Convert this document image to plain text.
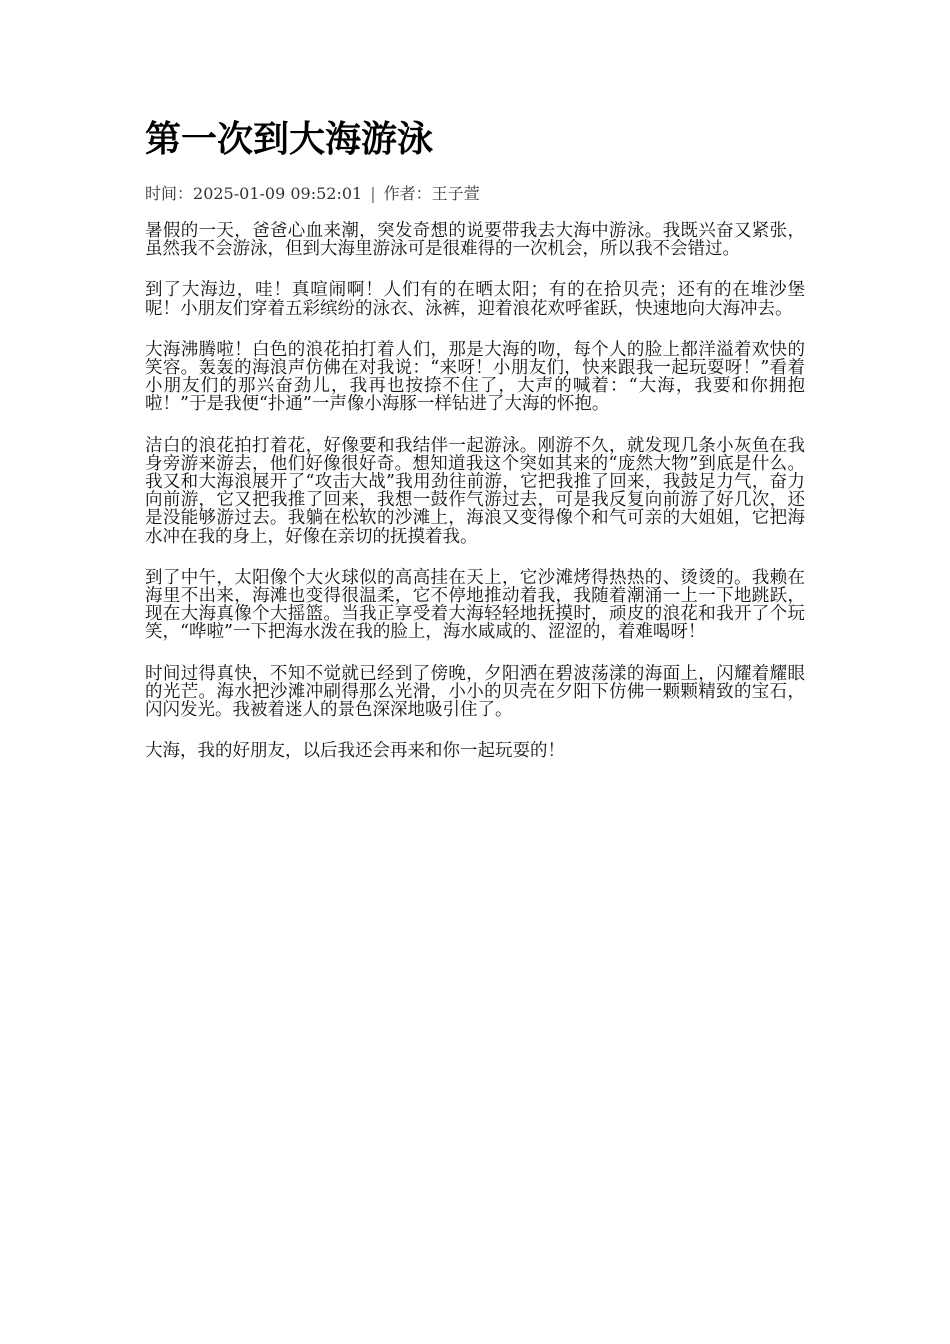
第一次到大海游泳
时间：2025-01-09 09:52:01 | 作者：王子萱

暑假的一天，爸爸心血来潮，突发奇想的说要带我去大海中游泳。我既兴奋又紧张，虽然我不会游泳，但到大海里游泳可是很难得的一次机会，所以我不会错过。

到了大海边，哇！真喧闹啊！人们有的在晒太阳；有的在拾贝壳；还有的在堆沙堡呢！小朋友们穿着五彩缤纷的泳衣、泳裤，迎着浪花欢呼雀跃，快速地向大海冲去。

大海沸腾啦！白色的浪花拍打着人们，那是大海的吻，每个人的脸上都洋溢着欢快的笑容。轰轰的海浪声仿佛在对我说：“来呀！小朋友们，快来跟我一起玩耍呀！”看着小朋友们的那兴奋劲儿，我再也按捺不住了，大声的喊着：“大海，我要和你拥抱啦！”于是我便“扑通”一声像小海豚一样钻进了大海的怀抱。

洁白的浪花拍打着花，好像要和我结伴一起游泳。刚游不久，就发现几条小灰鱼在我身旁游来游去，他们好像很好奇。想知道我这个突如其来的“庞然大物”到底是什么。我又和大海浪展开了“攻击大战”我用劲往前游，它把我推了回来，我鼓足力气，奋力向前游，它又把我推了回来，我想一鼓作气游过去，可是我反复向前游了好几次，还是没能够游过去。我躺在松软的沙滩上，海浪又变得像个和气可亲的大姐姐，它把海水冲在我的身上，好像在亲切的抚摸着我。

到了中午，太阳像个大火球似的高高挂在天上，它沙滩烤得热热的、烫烫的。我赖在海里不出来，海滩也变得很温柔，它不停地推动着我，我随着潮涌一上一下地跳跃，现在大海真像个大摇篮。当我正享受着大海轻轻地抚摸时，顽皮的浪花和我开了个玩笑，“哗啦”一下把海水泼在我的脸上，海水咸咸的、涩涩的，着难喝呀！

时间过得真快，不知不觉就已经到了傍晚，夕阳洒在碧波荡漾的海面上，闪耀着耀眼的光芒。海水把沙滩冲刷得那么光滑，小小的贝壳在夕阳下仿佛一颗颗精致的宝石，闪闪发光。我被着迷人的景色深深地吸引住了。

大海，我的好朋友，以后我还会再来和你一起玩耍的！
